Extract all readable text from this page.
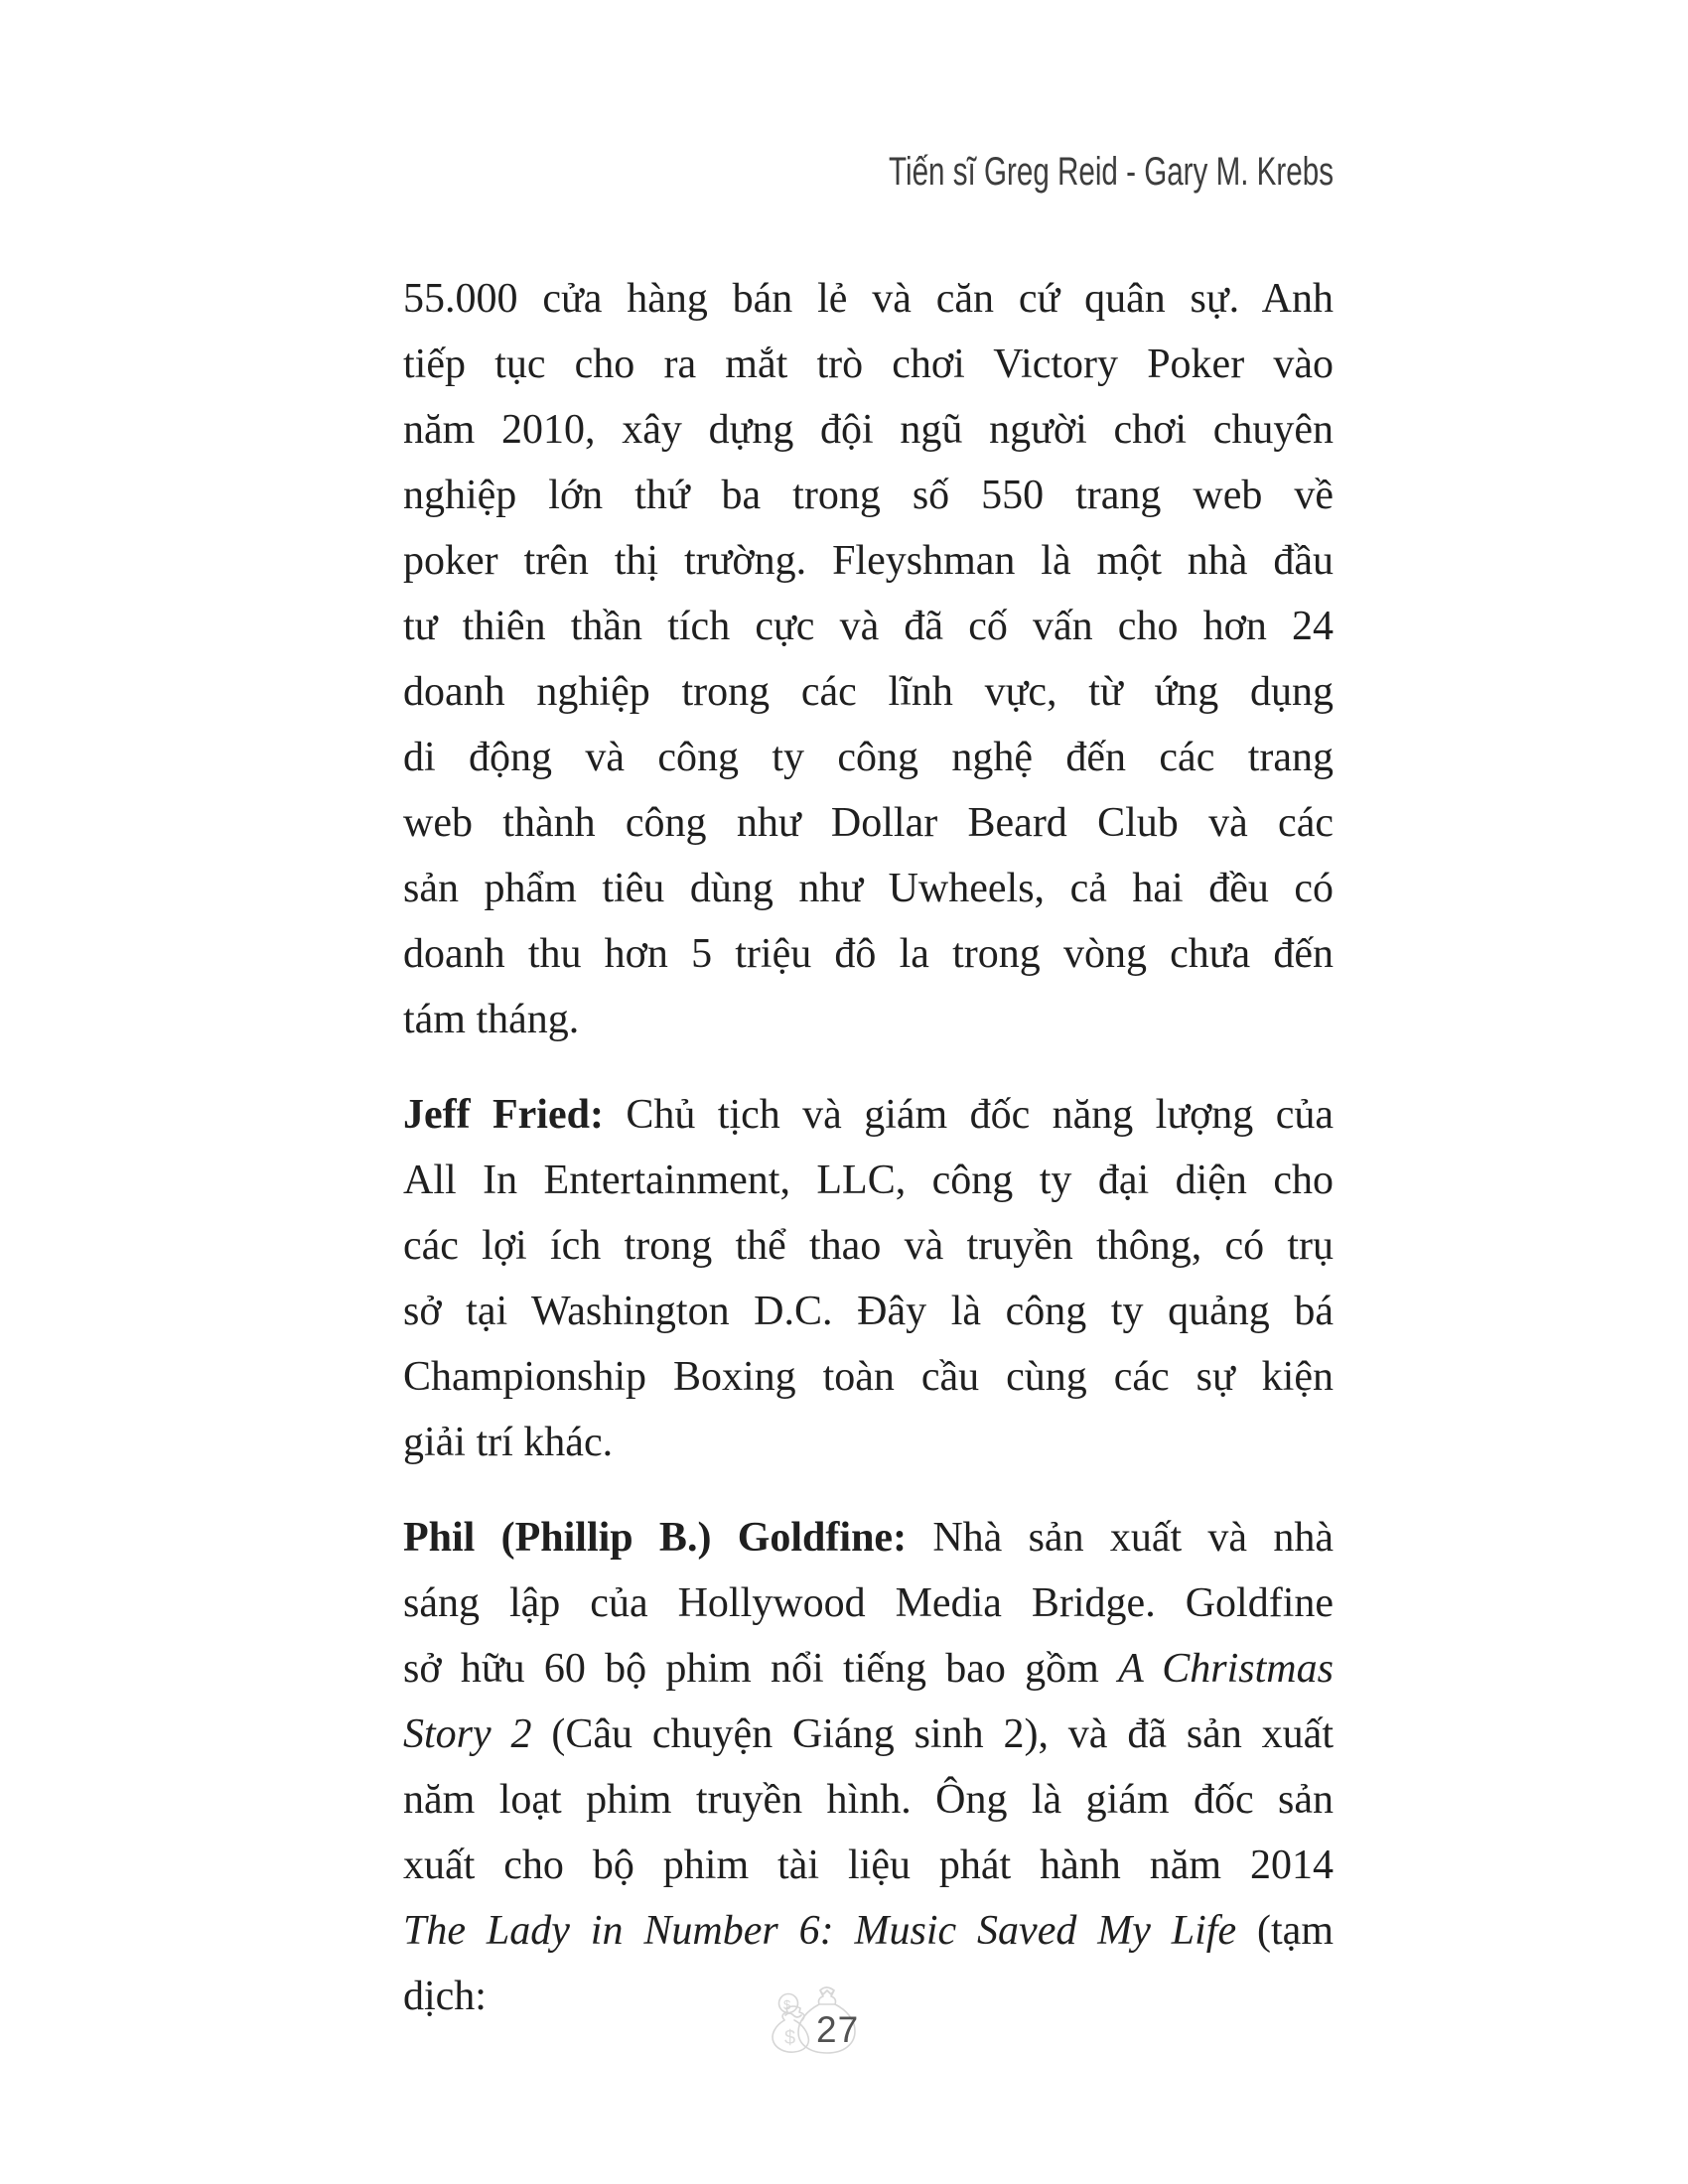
Tiến sĩ Greg Reid - Gary M. Krebs
55.000 cửa hàng bán lẻ và căn cứ quân sự. Anh
tiếp tục cho ra mắt trò chơi Victory Poker vào
năm 2010, xây dựng đội ngũ người chơi chuyên
nghiệp lớn thứ ba trong số 550 trang web về
poker trên thị trường. Fleyshman là một nhà đầu
tư thiên thần tích cực và đã cố vấn cho hơn 24
doanh nghiệp trong các lĩnh vực, từ ứng dụng
di động và công ty công nghệ đến các trang
web thành công như Dollar Beard Club và các
sản phẩm tiêu dùng như Uwheels, cả hai đều có
doanh thu hơn 5 triệu đô la trong vòng chưa đến
tám tháng.
Jeff Fried: Chủ tịch và giám đốc năng lượng của
All In Entertainment, LLC, công ty đại diện cho
các lợi ích trong thể thao và truyền thông, có trụ
sở tại Washington D.C. Đây là công ty quảng bá
Championship Boxing toàn cầu cùng các sự kiện
giải trí khác.
Phil (Phillip B.) Goldfine: Nhà sản xuất và nhà
sáng lập của Hollywood Media Bridge. Goldfine
sở hữu 60 bộ phim nổi tiếng bao gồm A Christmas
Story 2 (Câu chuyện Giáng sinh 2), và đã sản xuất
năm loạt phim truyền hình. Ông là giám đốc sản
xuất cho bộ phim tài liệu phát hành năm 2014
The Lady in Number 6: Music Saved My Life (tạm dịch:	$
$ 27
